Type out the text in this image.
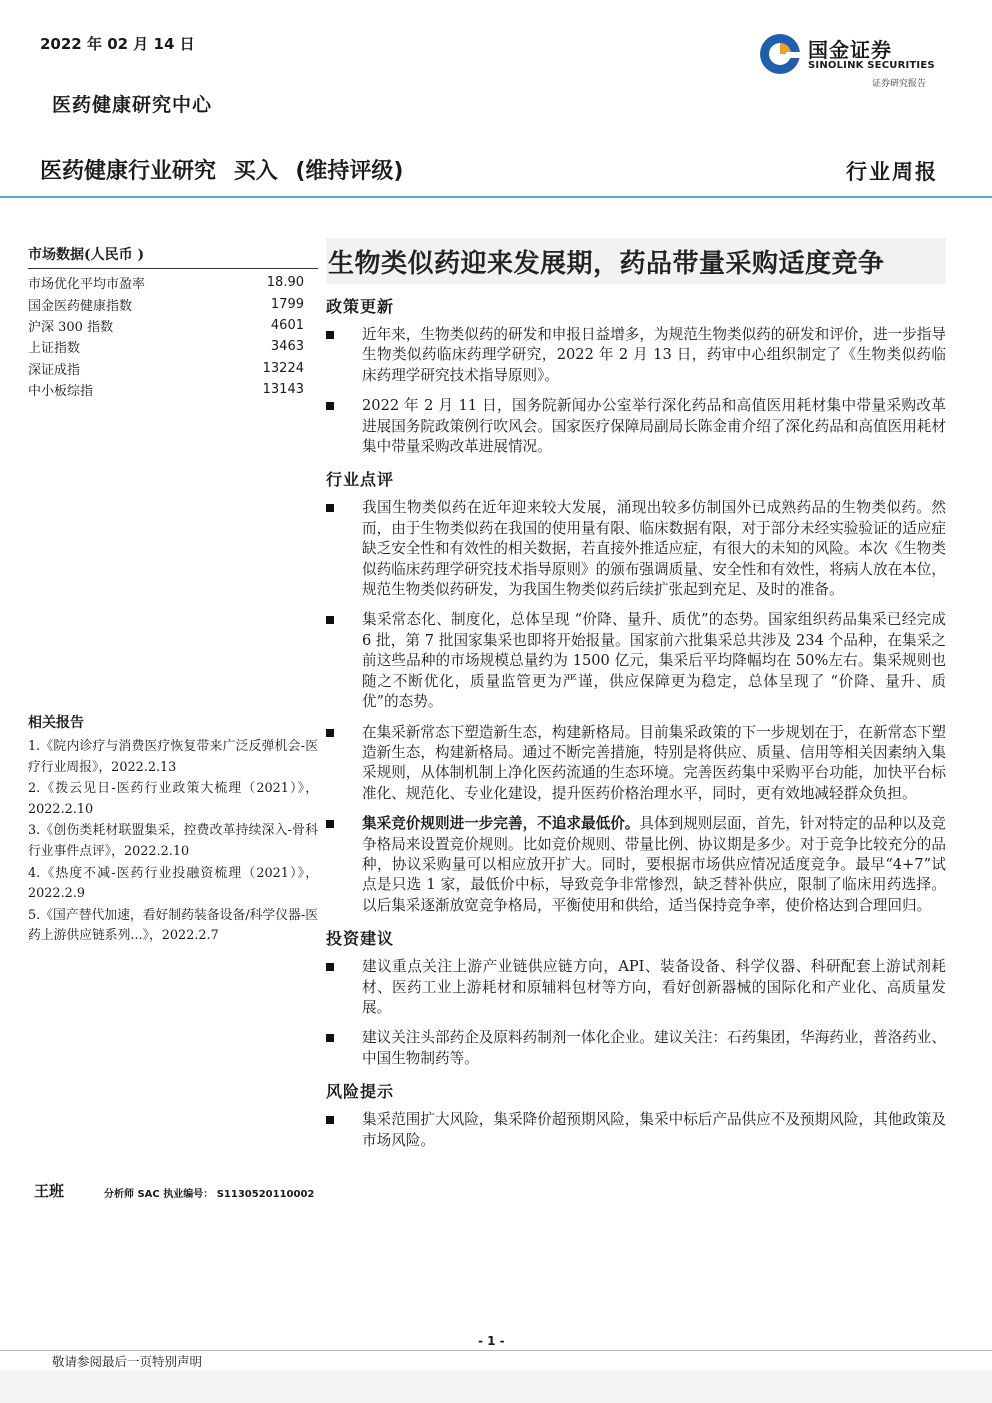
2022 年 02 月 14 日	国金证券
SINOLINK SECURITIES
证券研究报告
医药健康研究中心
医药健康行业研究 买入 (维持评级)	行业周报
市场数据(人民币 )
市场优化平均市盈率	18.90
国金医药健康指数	1799
沪深 300 指数	4601
上证指数	3463
深证成指	13224
中小板综指	13143
相关报告
1.《院内诊疗与消费医疗恢复带来广泛反弹机会-医疗行业周报》，2022.2.13
2.《拨云见日-医药行业政策大梳理（2021）》，2022.2.10
3.《创伤类耗材联盟集采，控费改革持续深入-骨科行业事件点评》，2022.2.10
4.《热度不减-医药行业投融资梳理（2021）》，2022.2.9
5.《国产替代加速，看好制药装备设备/科学仪器-医药上游供应链系列...》，2022.2.7
王班	分析师 SAC 执业编号： S1130520110002
生物类似药迎来发展期，药品带量采购适度竞争
政策更新
近年来，生物类似药的研发和申报日益增多，为规范生物类似药的研发和评价，进一步指导生物类似药临床药理学研究，2022 年 2 月 13 日，药审中心组织制定了《生物类似药临床药理学研究技术指导原则》。
2022 年 2 月 11 日，国务院新闻办公室举行深化药品和高值医用耗材集中带量采购改革进展国务院政策例行吹风会。国家医疗保障局副局长陈金甫介绍了深化药品和高值医用耗材集中带量采购改革进展情况。
行业点评
我国生物类似药在近年迎来较大发展，涌现出较多仿制国外已成熟药品的生物类似药。然而，由于生物类似药在我国的使用量有限、临床数据有限，对于部分未经实验验证的适应症缺乏安全性和有效性的相关数据，若直接外推适应症，有很大的未知的风险。本次《生物类似药临床药理学研究技术指导原则》的颁布强调质量、安全性和有效性，将病人放在本位，规范生物类似药研发，为我国生物类似药后续扩张起到充足、及时的准备。
集采常态化、制度化，总体呈现 “价降、量升、质优”的态势。国家组织药品集采已经完成 6 批，第 7 批国家集采也即将开始报量。国家前六批集采总共涉及 234 个品种，在集采之前这些品种的市场规模总量约为 1500 亿元，集采后平均降幅均在 50%左右。集采规则也随之不断优化，质量监管更为严谨，供应保障更为稳定，总体呈现了 “价降、量升、质优”的态势。
在集采新常态下塑造新生态，构建新格局。目前集采政策的下一步规划在于，在新常态下塑造新生态，构建新格局。通过不断完善措施，特别是将供应、质量、信用等相关因素纳入集采规则，从体制机制上净化医药流通的生态环境。完善医药集中采购平台功能，加快平台标准化、规范化、专业化建设，提升医药价格治理水平，同时，更有效地减轻群众负担。
集采竞价规则进一步完善，不追求最低价。具体到规则层面，首先，针对特定的品种以及竞争格局来设置竞价规则。比如竞价规则、带量比例、协议期是多少。对于竞争比较充分的品种，协议采购量可以相应放开扩大。同时，要根据市场供应情况适度竞争。最早“4+7”试点是只选 1 家，最低价中标，导致竞争非常惨烈，缺乏替补供应，限制了临床用药选择。以后集采逐渐放宽竞争格局，平衡使用和供给，适当保持竞争率，使价格达到合理回归。
投资建议
建议重点关注上游产业链供应链方向，API、装备设备、科学仪器、科研配套上游试剂耗材、医药工业上游耗材和原辅料包材等方向，看好创新器械的国际化和产业化、高质量发展。
建议关注头部药企及原料药制剂一体化企业。建议关注：石药集团，华海药业，普洛药业、中国生物制药等。
风险提示
集采范围扩大风险，集采降价超预期风险，集采中标后产品供应不及预期风险，其他政策及市场风险。
- 1 -
敬请参阅最后一页特别声明
